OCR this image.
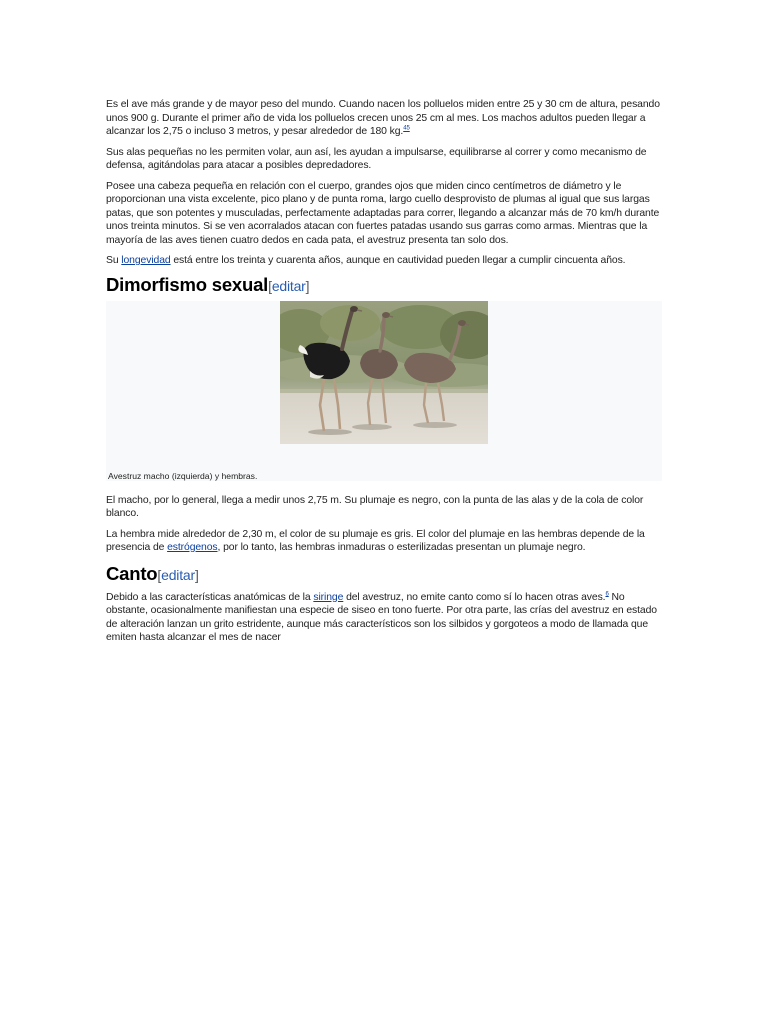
Es el ave más grande y de mayor peso del mundo. Cuando nacen los polluelos miden entre 25 y 30 cm de altura, pesando unos 900 g. Durante el primer año de vida los polluelos crecen unos 25 cm al mes. Los machos adultos pueden llegar a alcanzar los 2,75 o incluso 3 metros, y pesar alrededor de 180 kg.$^{45}$

Sus alas pequeñas no les permiten volar, aun así, les ayudan a impulsarse, equilibrarse al correr y como mecanismo de defensa, agitándolas para atacar a posibles depredadores.

Posee una cabeza pequeña en relación con el cuerpo, grandes ojos que miden cinco centímetros de diámetro y le proporcionan una vista excelente, pico plano y de punta roma, largo cuello desprovisto de plumas al igual que sus largas patas, que son potentes y musculadas, perfectamente adaptadas para correr, llegando a alcanzar más de 70 km/h durante unos treinta minutos. Si se ven acorralados atacan con fuertes patadas usando sus garras como armas. Mientras que la mayoría de las aves tienen cuatro dedos en cada pata, el avestruz presenta tan solo dos.

Su longevidad está entre los treinta y cuarenta años, aunque en cautividad pueden llegar a cumplir cincuenta años.

Dimorfismo sexual[editar]
Avestruz macho (izquierda) y hembras.

El macho, por lo general, llega a medir unos 2,75 m. Su plumaje es negro, con la punta de las alas y de la cola de color blanco.

La hembra mide alrededor de 2,30 m, el color de su plumaje es gris. El color del plumaje en las hembras depende de la presencia de estrógenos, por lo tanto, las hembras inmaduras o esterilizadas presentan un plumaje negro.

Canto[editar]

Debido a las características anatómicas de la siringe del avestruz, no emite canto como sí lo hacen otras aves.$^6$ No obstante, ocasionalmente manifiestan una especie de siseo en tono fuerte. Por otra parte, las crías del avestruz en estado de alteración lanzan un grito estridente, aunque más característicos son los silbidos y gorgoteos a modo de llamada que emiten hasta alcanzar el mes de nacer
